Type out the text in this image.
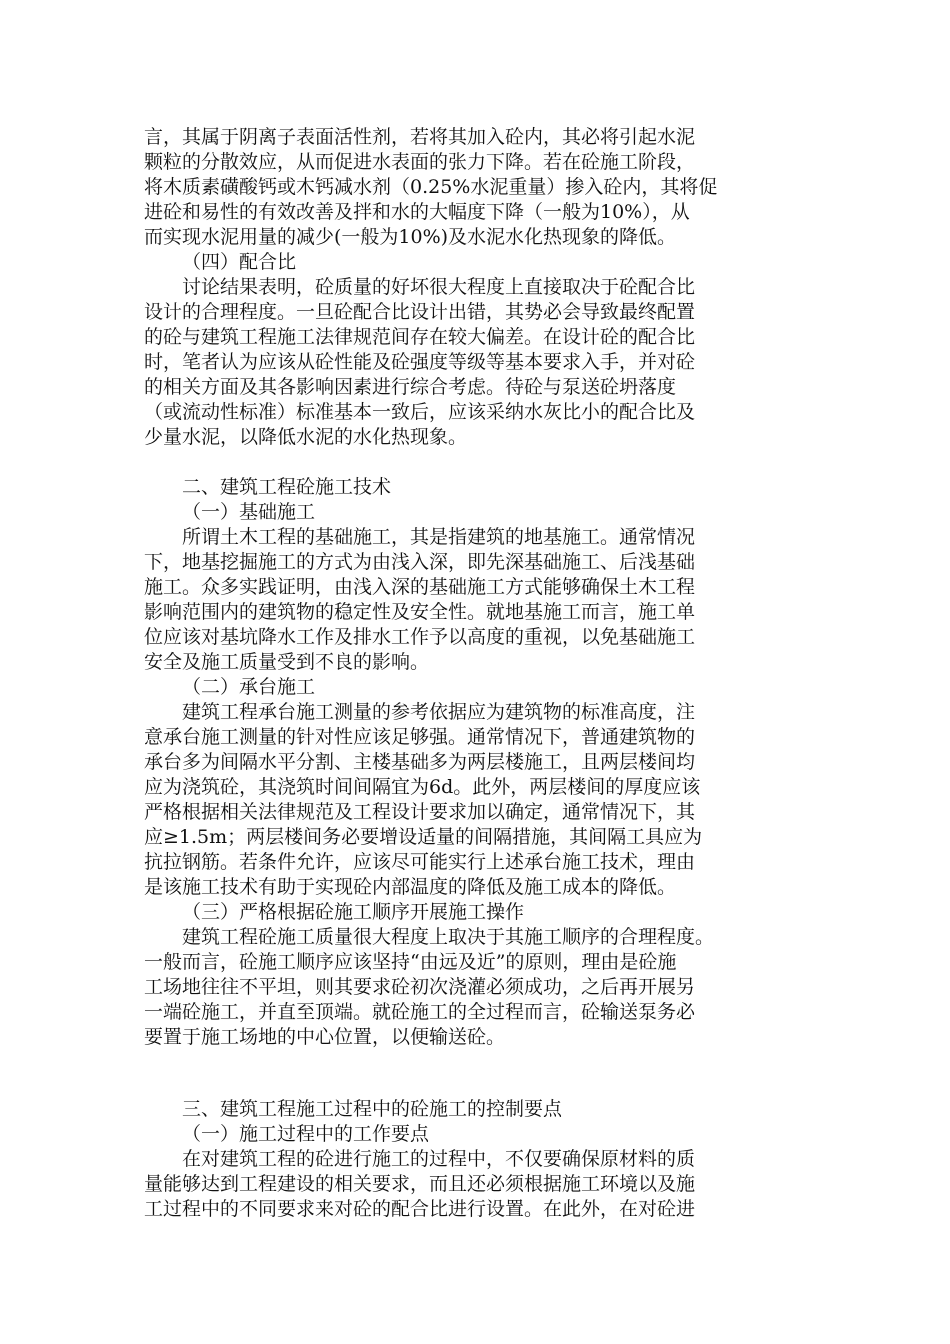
言，其属于阴离子表面活性剂，若将其加入砼内，其必将引起水泥

颗粒的分散效应，从而促进水表面的张力下降。若在砼施工阶段，

将木质素磺酸钙或木钙减水剂（0.25%水泥重量）掺入砼内，其将促

进砼和易性的有效改善及拌和水的大幅度下降（一般为10%），从

而实现水泥用量的减少(一般为10%)及水泥水化热现象的降低。

（四）配合比

讨论结果表明，砼质量的好坏很大程度上直接取决于砼配合比

设计的合理程度。一旦砼配合比设计出错，其势必会导致最终配置

的砼与建筑工程施工法律规范间存在较大偏差。在设计砼的配合比

时，笔者认为应该从砼性能及砼强度等级等基本要求入手，并对砼

的相关方面及其各影响因素进行综合考虑。待砼与泵送砼坍落度

（或流动性标准）标准基本一致后，应该采纳水灰比小的配合比及

少量水泥，以降低水泥的水化热现象。

二、建筑工程砼施工技术

（一）基础施工

所谓土木工程的基础施工，其是指建筑的地基施工。通常情况

下，地基挖掘施工的方式为由浅入深，即先深基础施工、后浅基础

施工。众多实践证明，由浅入深的基础施工方式能够确保土木工程

影响范围内的建筑物的稳定性及安全性。就地基施工而言，施工单

位应该对基坑降水工作及排水工作予以高度的重视，以免基础施工

安全及施工质量受到不良的影响。

（二）承台施工

建筑工程承台施工测量的参考依据应为建筑物的标准高度，注

意承台施工测量的针对性应该足够强。通常情况下，普通建筑物的

承台多为间隔水平分割、主楼基础多为两层楼施工，且两层楼间均

应为浇筑砼，其浇筑时间间隔宜为6d。此外，两层楼间的厚度应该

严格根据相关法律规范及工程设计要求加以确定，通常情况下，其

应≥1.5m；两层楼间务必要增设适量的间隔措施，其间隔工具应为

抗拉钢筋。若条件允许，应该尽可能实行上述承台施工技术，理由

是该施工技术有助于实现砼内部温度的降低及施工成本的降低。

（三）严格根据砼施工顺序开展施工操作

建筑工程砼施工质量很大程度上取决于其施工顺序的合理程度。

一般而言，砼施工顺序应该坚持“由远及近”的原则，理由是砼施

工场地往往不平坦，则其要求砼初次浇灌必须成功，之后再开展另

一端砼施工，并直至顶端。就砼施工的全过程而言，砼输送泵务必

要置于施工场地的中心位置，以便输送砼。

三、建筑工程施工过程中的砼施工的控制要点

（一）施工过程中的工作要点

在对建筑工程的砼进行施工的过程中，不仅要确保原材料的质

量能够达到工程建设的相关要求，而且还必须根据施工环境以及施

工过程中的不同要求来对砼的配合比进行设置。在此外，在对砼进
